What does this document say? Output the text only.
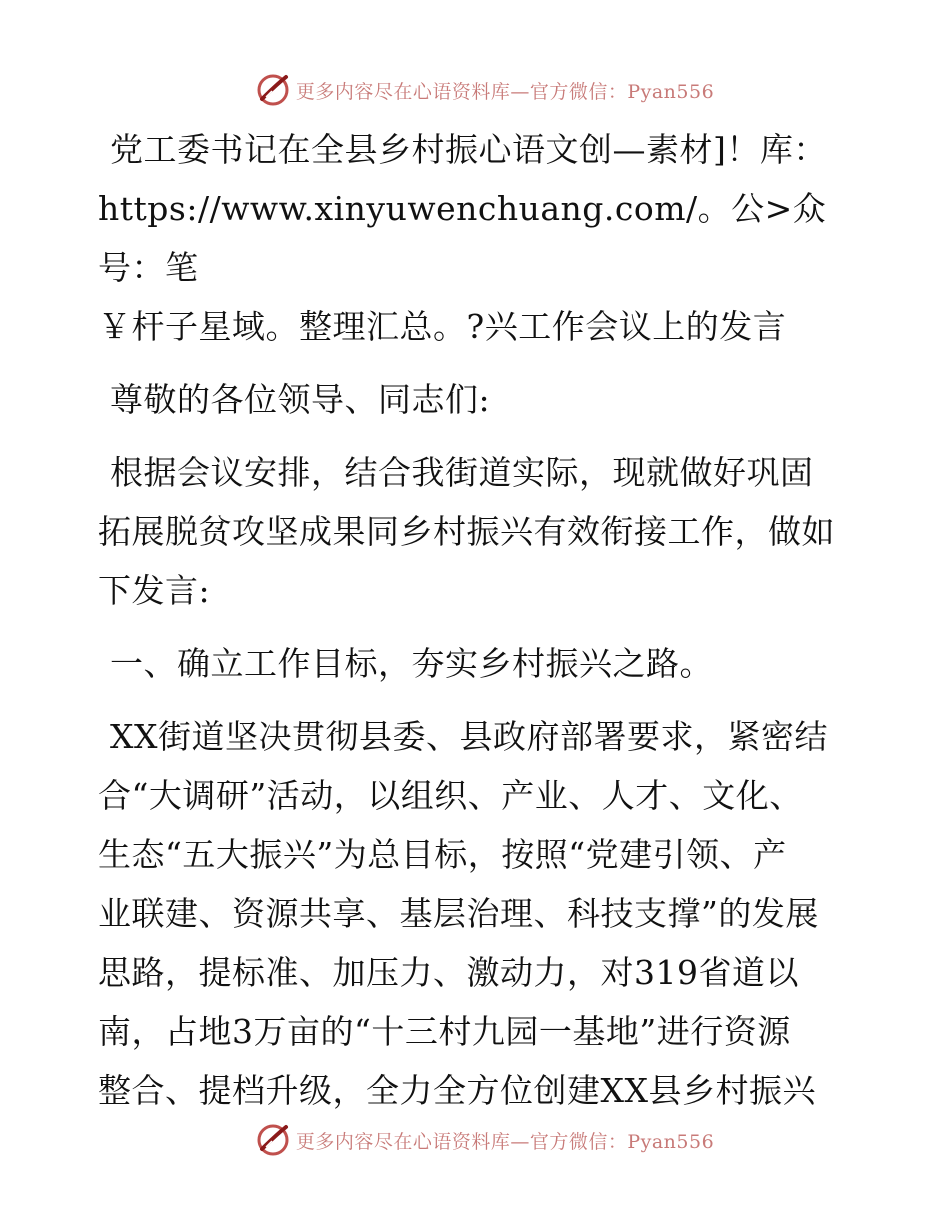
更多内容尽在心语资料库—官方微信：Pyan556
党工委书记在全县乡村振心语文创—素材]！库：
https://www.xinyuwenchuang.com/。公>众号：笔
￥杆子星域。整理汇总。?兴工作会议上的发言
尊敬的各位领导、同志们:
根据会议安排，结合我街道实际，现就做好巩固
拓展脱贫攻坚成果同乡村振兴有效衔接工作，做如
下发言:
一、确立工作目标，夯实乡村振兴之路。
XX街道坚决贯彻县委、县政府部署要求，紧密结
合“大调研”活动，以组织、产业、人才、文化、
生态“五大振兴”为总目标，按照“党建引领、产
业联建、资源共享、基层治理、科技支撑”的发展
思路，提标准、加压力、激动力，对319省道以
南，占地3万亩的“十三村九园一基地”进行资源
整合、提档升级，全力全方位创建XX县乡村振兴
更多内容尽在心语资料库—官方微信：Pyan556
